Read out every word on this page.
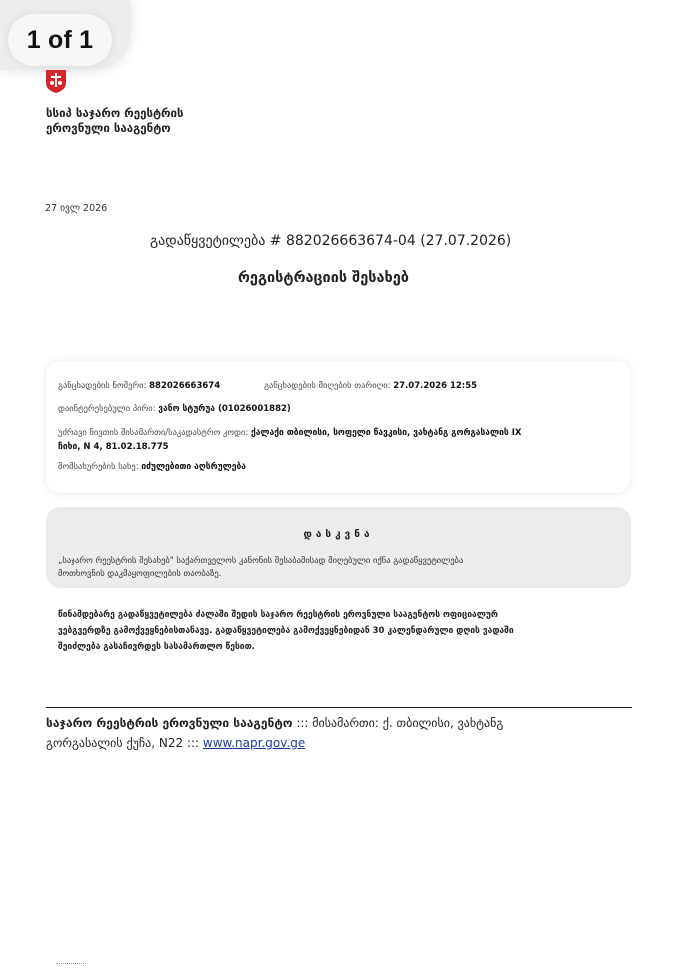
1 of 1
სსიპ საჯარო რეესტრის
ეროვნული სააგენტო
27 ივლ 2026
გადაწყვეტილება # 882026663674-04 (27.07.2026)
რეგისტრაციის შესახებ
განცხადების ნომერი: 882026663674	განცხადების მიღების თარიღი: 27.07.2026 12:55
დაინტერესებული პირი: ვანო სტურუა (01026001882)
უძრავი ნივთის მისამართი/საკადასტრო კოდი: ქალაქი თბილისი, სოფელი წავკისი, ვახტანგ გორგასალის IX
ჩიხი, N 4, 81.02.18.775
მომსახურების სახე: იძულებითი აღსრულება
დასკვნა
„საჯარო რეესტრის შესახებ" საქართველოს კანონის შესაბამისად მიღებული იქნა გადაწყვეტილება
მოთხოვნის დაკმაყოფილების თაობაზე.
წინამდებარე გადაწყვეტილება ძალაში შედის საჯარო რეესტრის ეროვნული სააგენტოს ოფიციალურ
ვებგვერდზე გამოქვეყნებისთანავე. გადაწყვეტილება გამოქვეყნებიდან 30 კალენდარული დღის ვადაში
შეიძლება გასაჩივრდეს სასამართლო წესით.
საჯარო რეესტრის ეროვნული სააგენტო ::: მისამართი: ქ. თბილისი, ვახტანგ
გორგასალის ქუჩა, N22 ::: www.napr.gov.ge
